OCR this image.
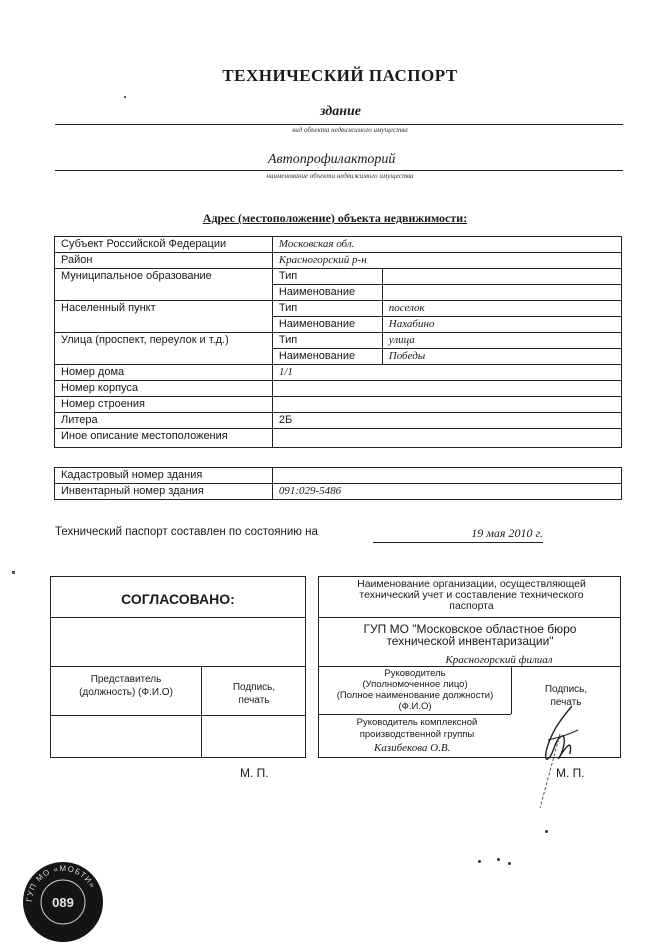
ТЕХНИЧЕСКИЙ ПАСПОРТ
здание
вид объекта недвижимого имущества
Автопрофилакторий
наименование объекта недвижимого имущества
Адрес (местоположение) объекта недвижимости:
Субъект Российской Федерации	Московская обл.	
Район	Красногорский р-н	
Муниципальное образование	Тип	
	Наименование	
Населенный пункт	Тип	поселок
	Наименование	Нахабино
Улица (проспект, переулок и т.д.)	Тип	улица
	Наименование	Победы
Номер дома	1/1	
Номер корпуса		
Номер строения		
Литера	2Б	
Иное описание местоположения		
Кадастровый номер здания	
Инвентарный номер здания	091:029-5486
Технический паспорт составлен по состоянию на	19 мая 2010 г.
СОГЛАСОВАНО:
Представитель (должность) (Ф.И.О)	Подпись, печать
М. П.
Наименование организации, осуществляющей технический учет и составление технического паспорта
ГУП МО "Московское областное бюро технической инвентаризации"
Красногорский филиал
Руководитель
(Уполномоченное лицо)
(Полное наименование должности)
(Ф.И.О)
Подпись, печать
Руководитель комплексной производственной группы
Казибекова О.В.
М. П.
ГУП МО «МОБТИ»
089
